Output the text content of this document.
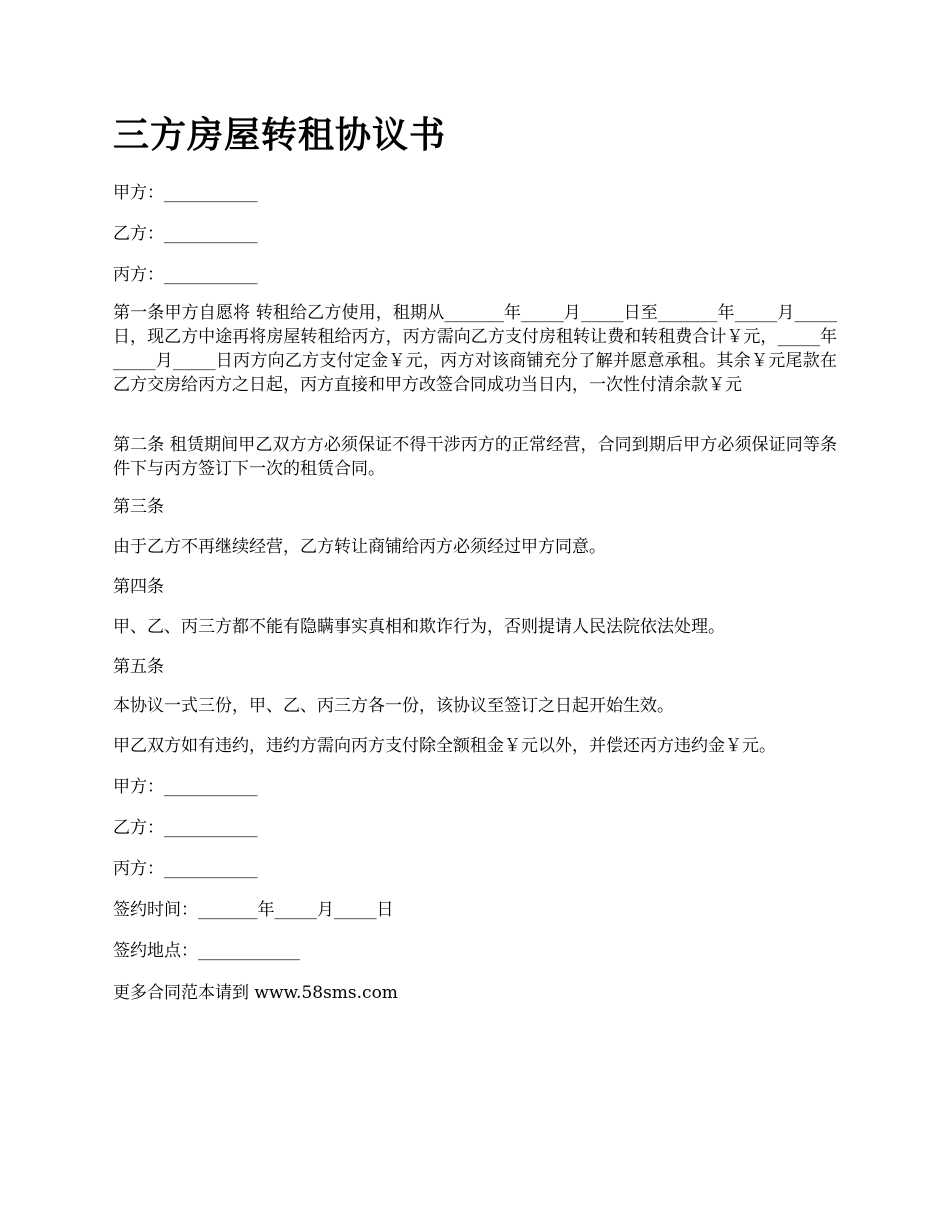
三方房屋转租协议书

甲方：___________

乙方：___________

丙方：___________

第一条甲方自愿将 转租给乙方使用，租期从_______年_____月_____日至_______年_____月_____日，现乙方中途再将房屋转租给丙方，丙方需向乙方支付房租转让费和转租费合计￥元，_____年_____月_____日丙方向乙方支付定金￥元，丙方对该商铺充分了解并愿意承租。其余￥元尾款在乙方交房给丙方之日起，丙方直接和甲方改签合同成功当日内，一次性付清余款￥元

第二条 租赁期间甲乙双方方必须保证不得干涉丙方的正常经营，合同到期后甲方必须保证同等条件下与丙方签订下一次的租赁合同。

第三条

由于乙方不再继续经营，乙方转让商铺给丙方必须经过甲方同意。

第四条

甲、乙、丙三方都不能有隐瞒事实真相和欺诈行为，否则提请人民法院依法处理。

第五条

本协议一式三份，甲、乙、丙三方各一份，该协议至签订之日起开始生效。

甲乙双方如有违约，违约方需向丙方支付除全额租金￥元以外，并偿还丙方违约金￥元。

甲方：___________

乙方：___________

丙方：___________

签约时间：_______年_____月_____日

签约地点：____________

更多合同范本请到 www.58sms.com
